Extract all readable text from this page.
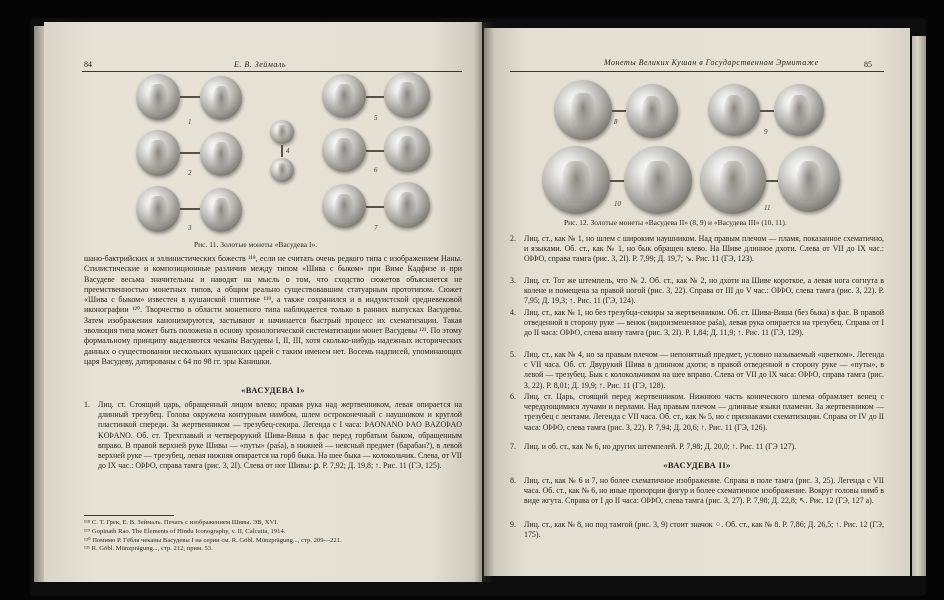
84	Е. В. Зеймаль
1
2
3
4
5
6
7
Рис. 11. Золотые монеты «Васудева I».
шано-бактрийских и эллинистических божеств ¹¹⁸, если не считать очень редкого типа с изображением Наны. Стилистические и композиционные различия между типом «Шива с быком» при Виме Кадфизе и при Васудеве весьма значительны и наводят на мысль о том, что сходство сюжетов объясняется не преемственностью монетных типов, а общим реально существовавшим статуарным прототипом. Сюжет «Шива с быком» известен в кушанской глиптике ¹¹⁹, а также сохранился и в индуистской средневековой иконографии ¹²⁰. Творчество в области монетного типа наблюдается только в ранних выпусках Васудевы. Затем изображения канонизируются, застывают и начинается быстрый процесс их схематизации. Такая эволюция типа может быть положена в основу хронологической систематизации монет Васудевы ¹²¹. По этому формальному принципу выделяются чеканы Васудевы I, II, III, хотя сколько-нибудь надежных исторических данных о существовании нескольких кушанских царей с таким именем нет. Восемь надписей, упоминающих царя Васудеву, датированы с 64 по 98 гг. эры Канишки.
«ВАСУДЕВА I»
1. Лиц. ст. Стоящий царь, обращенный лицом влево; правая рука над жертвенником, левая опирается на длинный трезубец. Голова окружена контурным нимбом, шлем остроконечный с наушником и круглой пластинкой спереди. За жертвенником — трезубец-секира. Легенда с I часа: ÞAONANO ÞAO BAZOÞAO KOÞANO. Об. ст. Трехглавый и четверорукий Шива-Виша в фас перед горбатым быком, обращенным вправо. В правой верхней руке Шивы — «путы» (paśa), в нижней — неясный предмет (барабан?), в левой верхней руке — трезубец, левая нижняя опирается на горб быка. На шее быка — колокольчик. Слева, от VII до IX час.: OÞÞO, справа тамга (рис. 3, 2I). Слева от ног Шивы: ꝑ. Р. 7,92; Д. 19,8; ↑. Рис. 11 (ГЭ, 125).
¹¹⁸ С. Т. Грек, Е. В. Зеймаль. Печать с изображением Шивы. ЭВ, XVI.
¹¹⁹ Gopinath Rao. The Elements of Hindu Iconography, v. II, Calcutta, 1914.
¹²⁰ Помимо Р. Гёбля чеканы Васудевы I на серии см. R. Göbl. Münzprägung..., стр. 209—221.
¹²¹ R. Göbl. Münzprägung..., стр. 212, прим. 53.
Монеты Великих Кушан в Государственном Эрмитаже	85
8
9
10	11
Рис. 12. Золотые монеты «Васудева II» (8, 9) и «Васудева III» (10, 11).
2. Лиц. ст., как № 1, но шлем с широким наушником. Над правым плечом — пламя, показанное схематично, и языками. Об. ст., как № 1, но бык обращен влево. На Шиве длинное дхоти. Слева от VII до IX час.: OÞÞO, справа тамга (рис. 3, 2I). Р. 7,99; Д. 19,7; ↘. Рис. 11 (ГЭ, 123).
3. Лиц. ст. Тот же штемпель, что № 2. Об. ст., как № 2, но дхоти на Шиве короткое, а левая нога согнута в колене и помещена за правой ногой (рис. 3, 22). Справа от III до V час.: OÞÞO, слева тамга (рис. 3, 22). Р. 7,95; Д. 19,3; ↑. Рис. 11 (ГЭ, 124).
4. Лиц. ст., как № 1, но без трезубца-секиры за жертвенником. Об. ст. Шива-Виша (без быка) в фас. В правой отведенной в сторону руке — венок (видоизмененное paśa), левая рука опирается на трезубец. Справа от I до II часа: OÞÞO, слева внизу тамга (рис. 3, 2I). Р. 1,84; Д. 11,9; ↑. Рис. 11 (ГЭ, 129).
5. Лиц. ст., как № 4, но за правым плечом — непонятный предмет, условно называемый «цветком». Легенда с VII часа. Об. ст. Двурукий Шива в длинном дхоти; в правой отведенной в сторону руке — «путы», в левой — трезубец. Бык с колокольчиком на шее вправо. Слева от VII до IX часа: OÞÞO, справа тамга (рис. 3, 22). Р. 8,01; Д. 19,9; ↑. Рис. 11 (ГЭ, 128).
6. Лиц. ст. Царь, стоящий перед жертвенником. Нижнюю часть конического шлема обрамляет венец с чередующимися лучами и перлами. Над правым плечом — длинные языки пламени. За жертвенником — трезубец с лентами. Легенда с VII часа. Об. ст., как № 5, но с признаками схематизации. Справа от IV до II часа: OÞÞO, слева тамга (рис. 3, 22). Р. 7,94; Д. 20,6; ↑. Рис. 11 (ГЭ, 126).
7. Лиц. и об. ст., как № 6, но других штемпелей. Р. 7,98; Д. 20,0; ↑. Рис. 11 (ГЭ 127).
«ВАСУДЕВА II»
8. Лиц. ст., как № 6 и 7, но более схематичное изображение. Справа в поле тамга (рис. 3, 25). Легенда с VII часа. Об. ст., как № 6, но иные пропорции фигур и более схематичное изображение. Вокруг головы нимб в виде жгута. Справа от I до II часа: OÞÞO, слева тамга (рис. 3, 27). Р. 7,98; Д. 22,8; ↖. Рис. 12 (ГЭ, 127 а).
9. Лиц. ст., как № 8, но под тамгой (рис. 3, 9) стоит значок ⁘. Об. ст., как № 8. Р. 7,86; Д. 26,5; ↑. Рис. 12 (ГЭ, 175).
